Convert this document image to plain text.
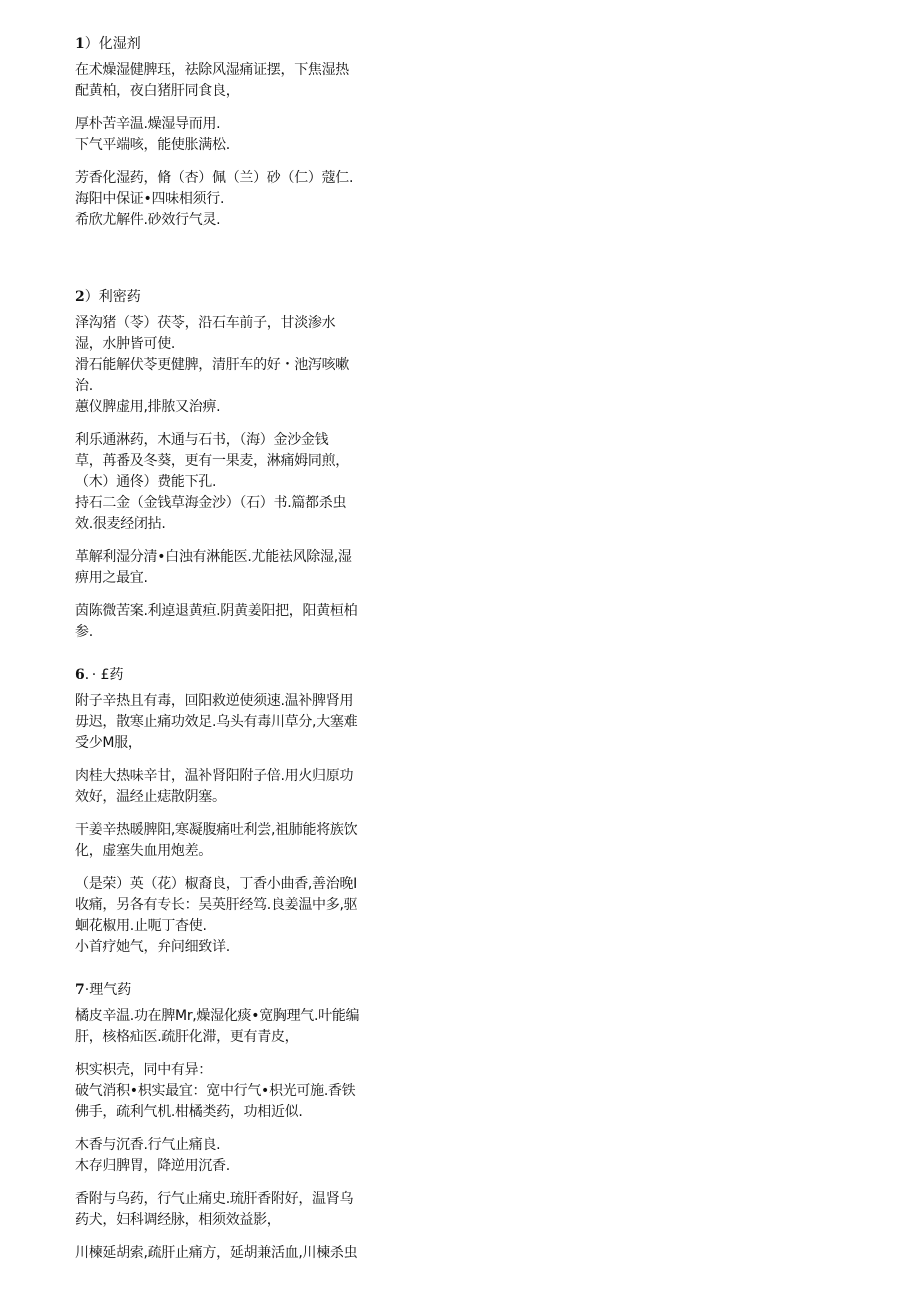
1）化湿剂
在术燥湿健脾珏，祛除风湿痛证摆，下焦湿热
配黄柏，夜白猪肝同食良，
厚朴苦辛温.燥湿导而用.
下气平端咳，能使胀满松.
芳香化湿药，脩（杏）佩（兰）砂（仁）蔻仁.
海阳中保证•四味相须行.
希欣尤解件.砂效行气灵.
2）利密药
泽沟猪（苓）茯苓，沿石车前子，甘淡渗水
湿，水肿皆可使.
滑石能解伏苓更健脾，清肝车的好・池泻咳嗽
治.
蕙仪脾虚用,排脓又治痹.
利乐通淋药，木通与石书，（海）金沙金钱
草，苒番及冬葵，更有一果麦，淋痛姆同煎，
（木）通佟）费能下孔.
持石二金（金钱草海金沙）（石）书.篇都杀虫
效.很麦经闭拈.
革解利湿分清•白浊有淋能医.尤能祛风除湿,湿
痹用之最宜.
茵陈微苦案.利逴退黄疸.阴黄姜阳把，阳黄桓柏
参.
6．· £药
附子辛热且有毒，回阳救逆使须速.温补脾肾用
毋迟，散寒止痛功效足.乌头有毒川草分,大塞难
受少M服，
肉桂大热味辛甘，温补肾阳附子倍.用火归原功
效好，温经止痣散阴塞。
干姜辛热暖脾阳,寒凝腹痛吐利尝,祖肺能将族饮
化，虚塞失血用炮差。
（是荣）英（花）椒裔良，丁香小曲香,善治晚I
收痛，另各有专长：吴英肝经笃.良姜温中多,驱
蛔花椒用.止呃丁杳使.
小首疗她气，弁问细致详.
7·理气药
橘皮辛温.功在脾Mr,燥湿化痰•宽胸理气.叶能编
肝，核格疝医.疏肝化滞，更有青皮，
枳实枳壳，同中有异：
破气消积•枳实最宜：宽中行气•枳光可施.香铁
佛手，疏利气机.柑橘类药，功相近似.
木香与沉香.行气止痛良.
木存归脾胃，降逆用沉香.
香附与乌药，行气止痛史.琉肝香附好，温肾乌
药犬，妇科调经脉，相须效益影，
川楝延胡索,疏肝止痛方，延胡兼活血,川楝杀虫
